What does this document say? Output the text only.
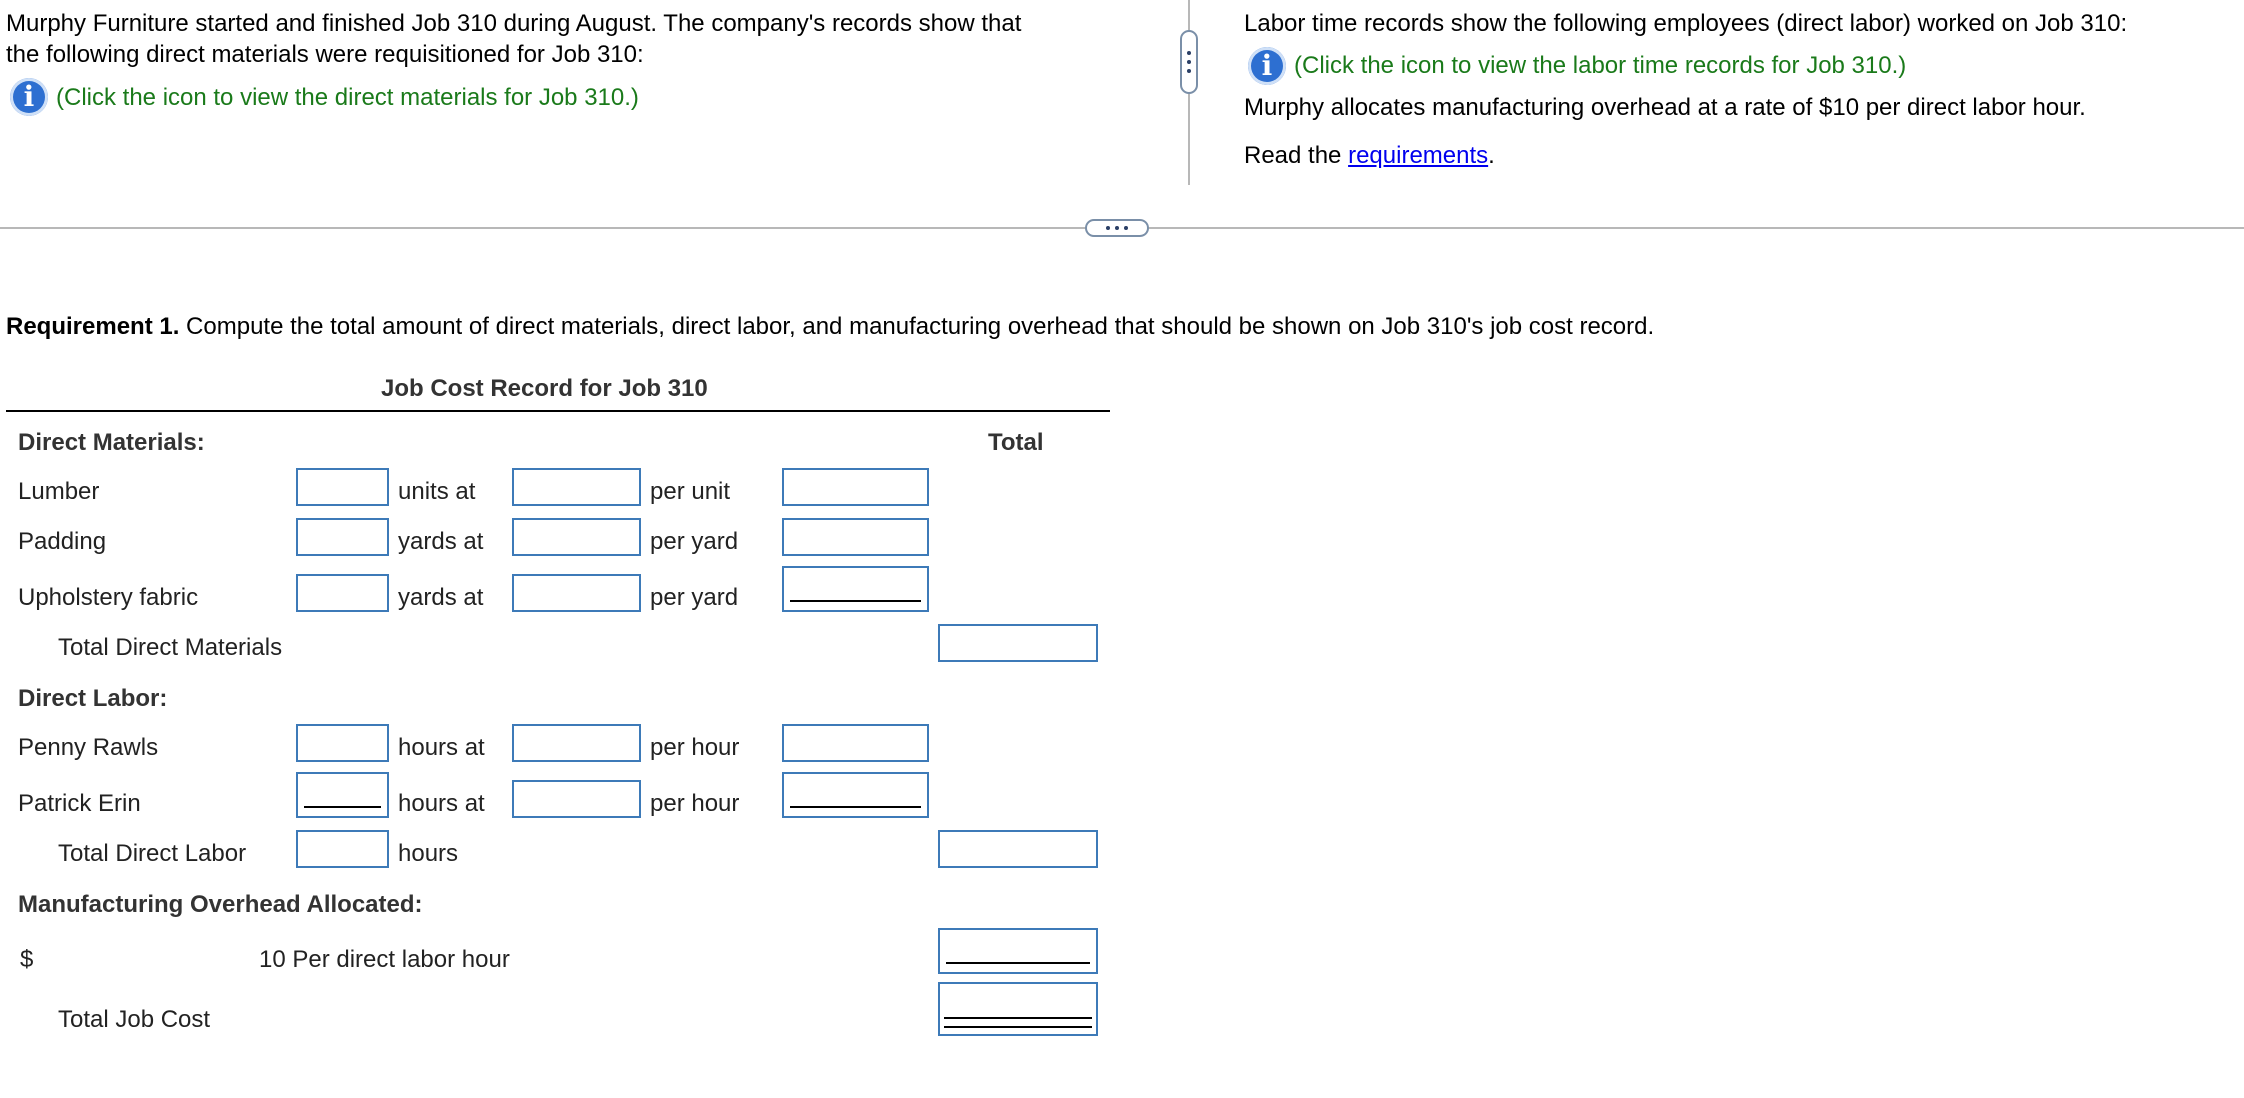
Murphy Furniture started and finished Job 310 during August. The company's records show that
the following direct materials were requisitioned for Job 310:
i (Click the icon to view the direct materials for Job 310.)
Labor time records show the following employees (direct labor) worked on Job 310:
i (Click the icon to view the labor time records for Job 310.)
Murphy allocates manufacturing overhead at a rate of $10 per direct labor hour.
Read the requirements.
Requirement 1. Compute the total amount of direct materials, direct labor, and manufacturing overhead that should be shown on Job 310's job cost record.
Job Cost Record for Job 310
Total
Direct Materials:
Lumber	units at	per unit
Padding	yards at	per yard
Upholstery fabric	yards at	per yard
Total Direct Materials
Direct Labor:
Penny Rawls	hours at	per hour
Patrick Erin	hours at	per hour
Total Direct Labor	hours
Manufacturing Overhead Allocated:
$	10 Per direct labor hour
Total Job Cost
